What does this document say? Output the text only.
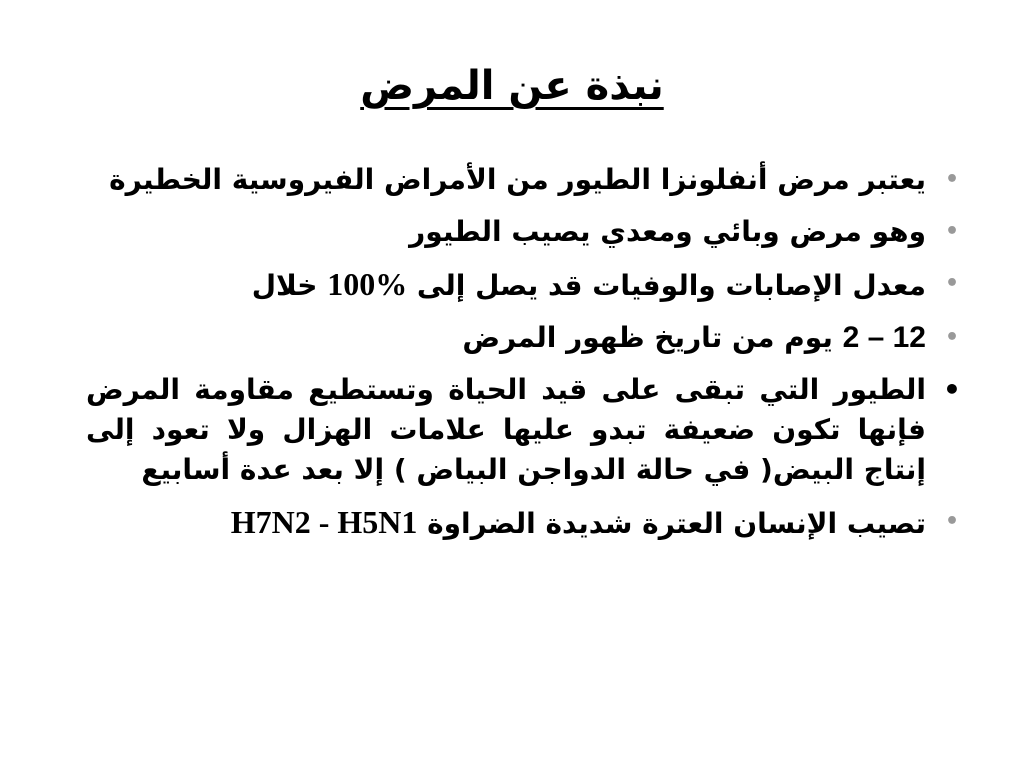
نبذة عن المرض
•
يعتبر مرض أنفلونزا الطيور من الأمراض الفيروسية الخطيرة
•
وهو مرض وبائي ومعدي يصيب الطيور
•
معدل الإصابات والوفيات قد يصل إلى 100% خلال
•
2 – 12 يوم من تاريخ ظهور المرض
•
الطيور التي تبقى على قيد الحياة وتستطيع مقاومة المرض فإنها تكون ضعيفة تبدو عليها علامات الهزال ولا تعود إلى إنتاج البيض( في حالة الدواجن البياض ) إلا بعد عدة أسابيع
•
تصيب الإنسان العترة شديدة الضراوة H7N2 - H5N1
